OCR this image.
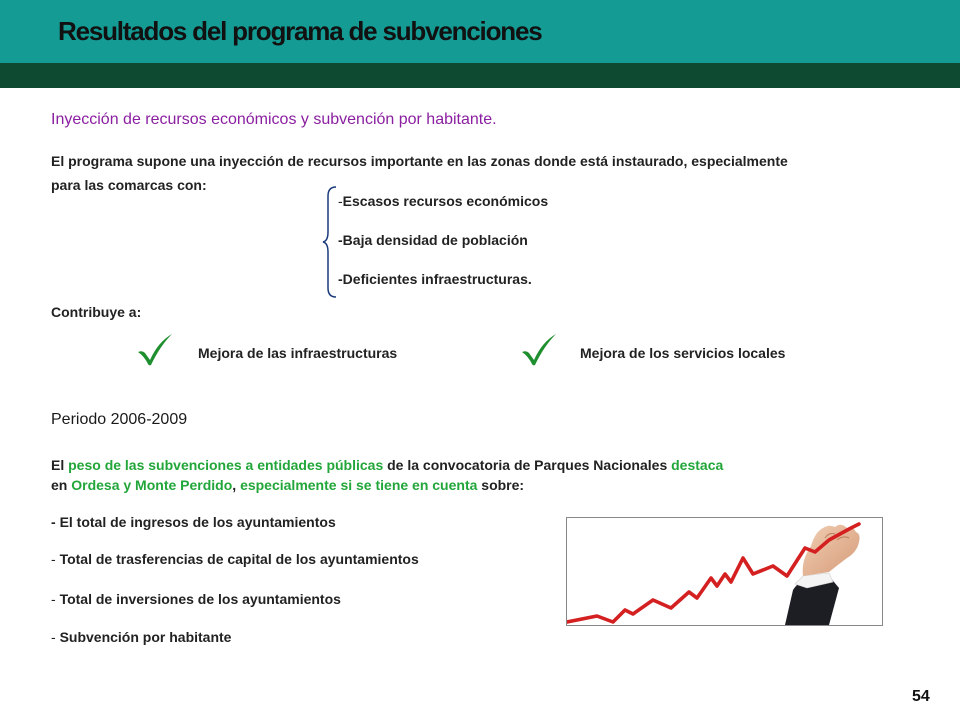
Resultados del programa de subvenciones
Inyección de recursos económicos y subvención por habitante.
El programa supone una inyección de recursos importante en las zonas donde está instaurado, especialmente
para las comarcas con:
-Escasos recursos económicos
-Baja densidad de población
-Deficientes infraestructuras.
Contribuye a:
Mejora de las infraestructuras	Mejora de los servicios locales
Periodo 2006-2009
El peso de las subvenciones a entidades públicas de la convocatoria de Parques Nacionales destaca
en Ordesa y Monte Perdido, especialmente si se tiene en cuenta sobre:
- El total de ingresos de los ayuntamientos
- Total de trasferencias de capital de los ayuntamientos
- Total de inversiones de los ayuntamientos
- Subvención por habitante
54
